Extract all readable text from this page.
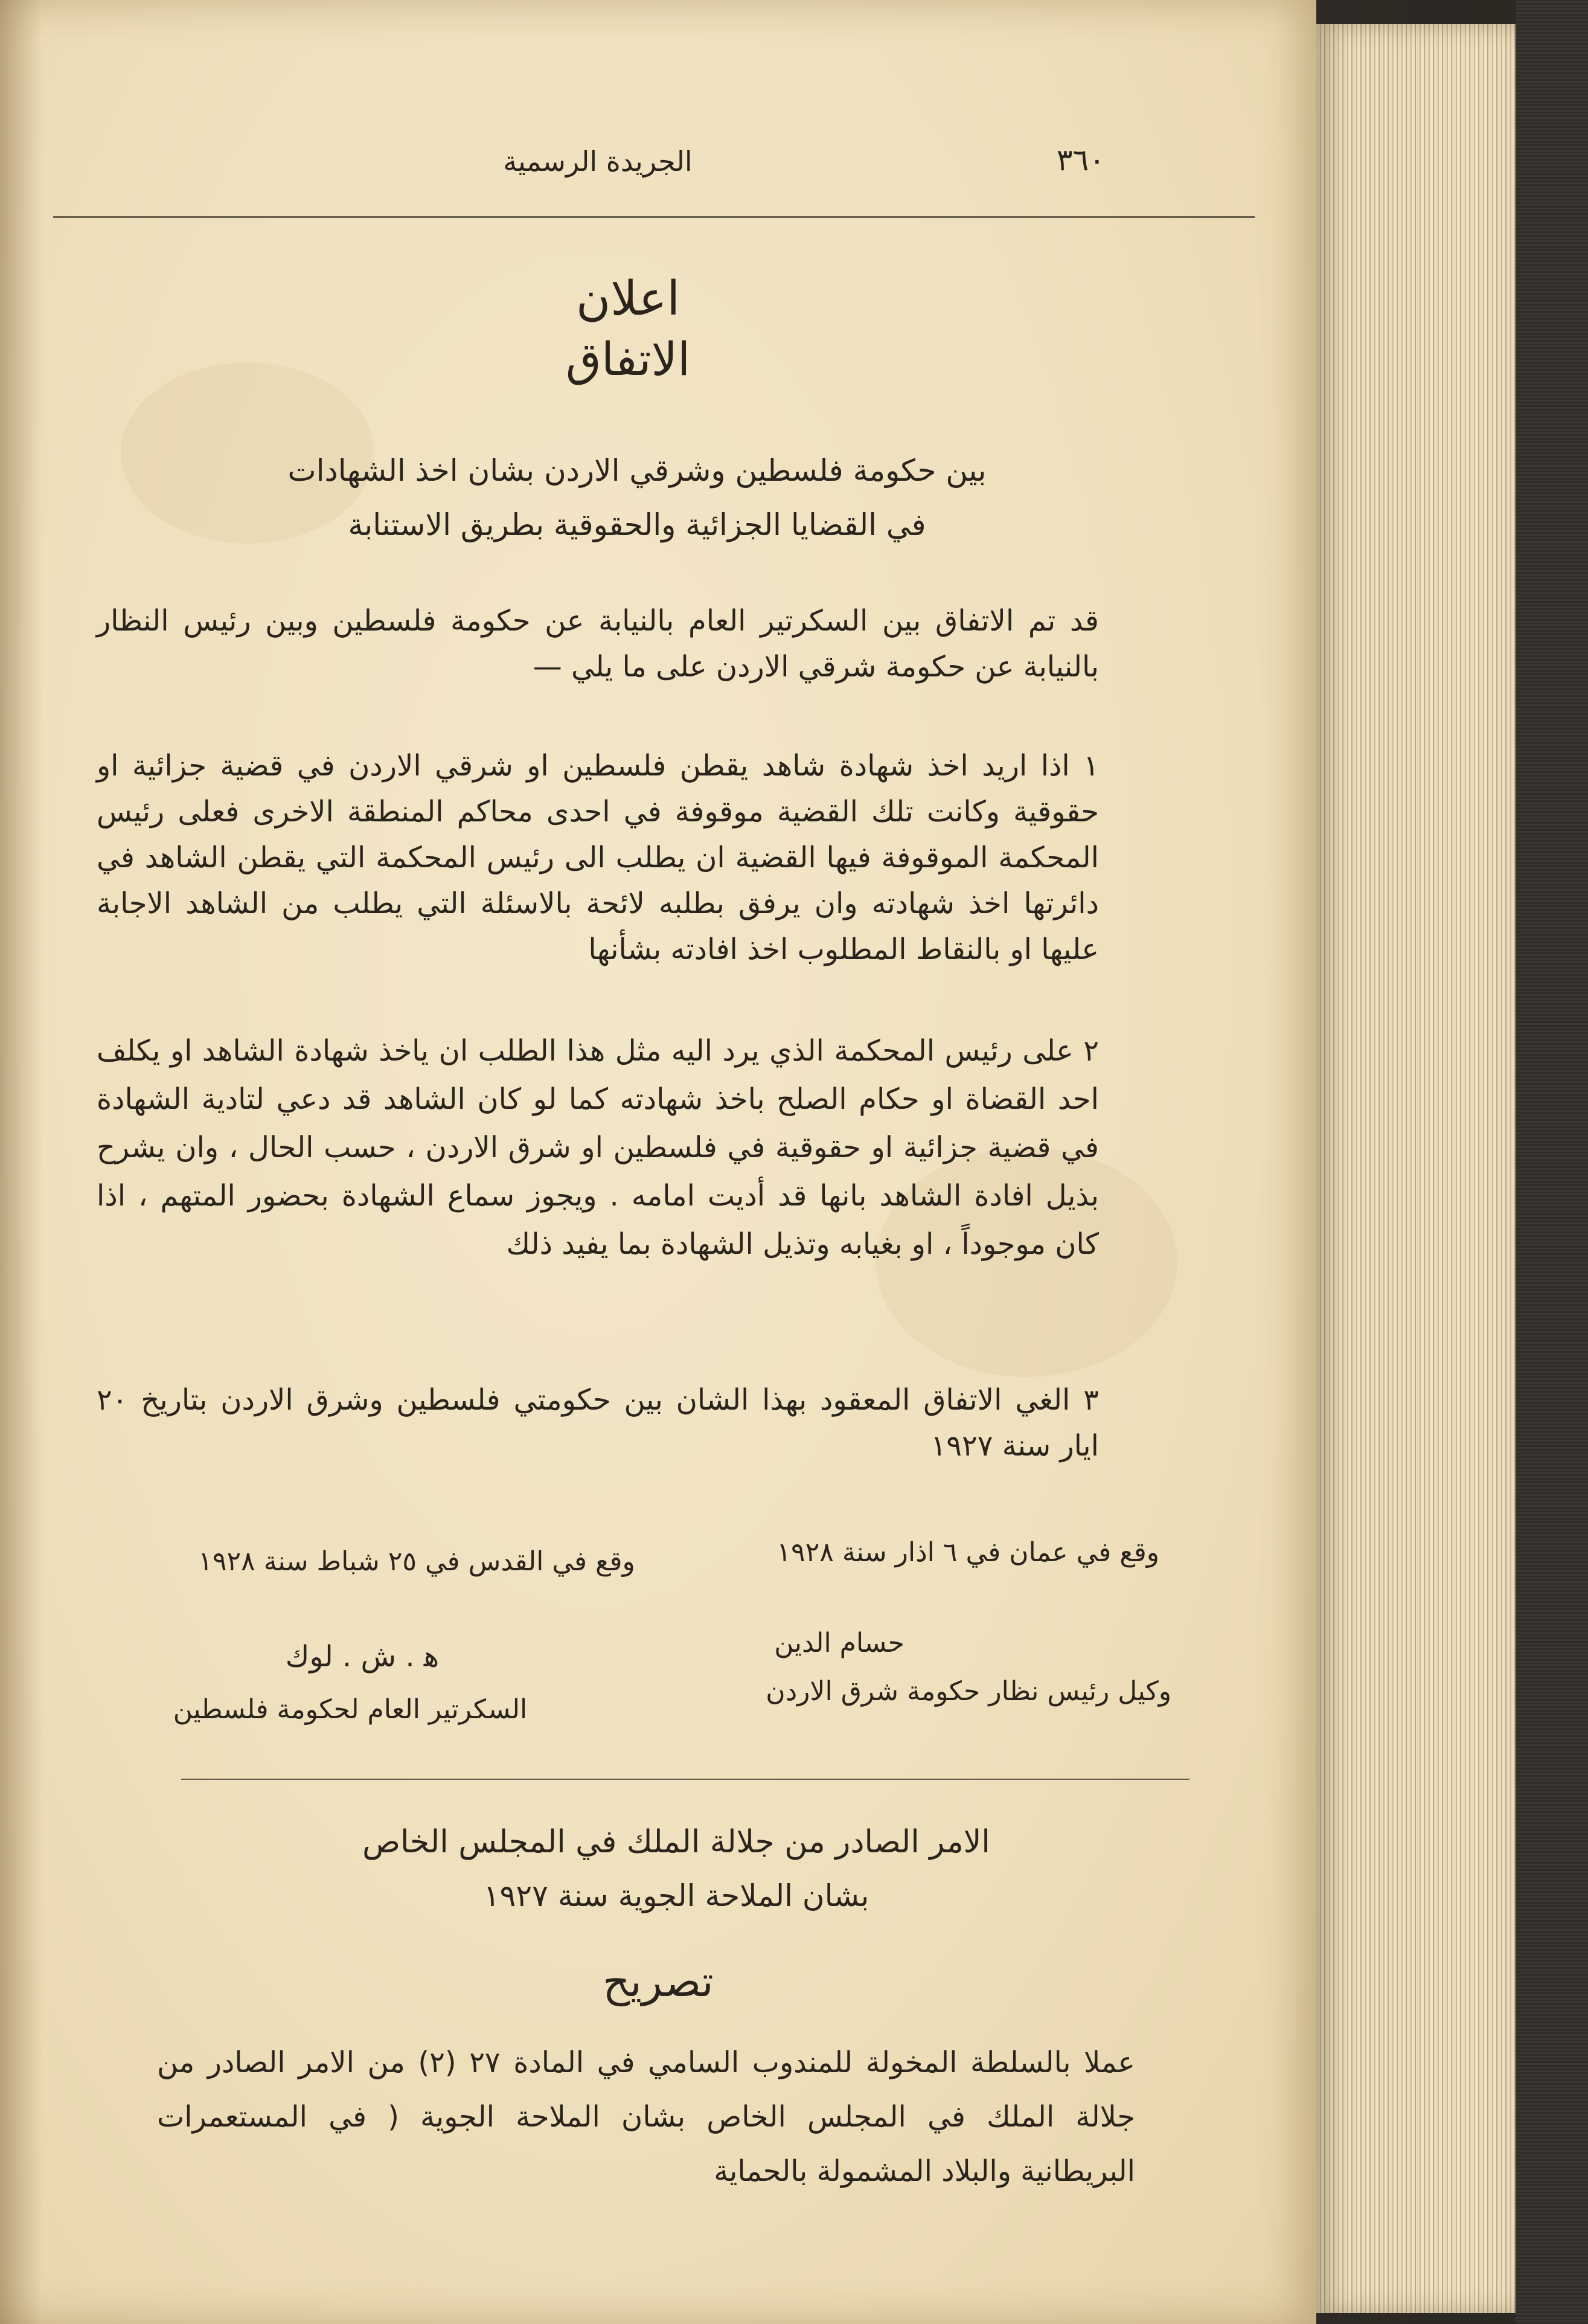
الجريدة الرسمية	٣٦٠

اعلان

الاتفاق

بين حكومة فلسطين وشرقي الاردن بشان اخذ الشهادات

في القضايا الجزائية والحقوقية بطريق الاستنابة

قد تم الاتفاق بين السكرتير العام بالنيابة عن حكومة فلسطين وبين رئيس النظار بالنيابة عن حكومة شرقي الاردن على ما يلي —

١ اذا اريد اخذ شهادة شاهد يقطن فلسطين او شرقي الاردن في قضية جزائية او حقوقية وكانت تلك القضية موقوفة في احدى محاكم المنطقة الاخرى فعلى رئيس المحكمة الموقوفة فيها القضية ان يطلب الى رئيس المحكمة التي يقطن الشاهد في دائرتها اخذ شهادته وان يرفق بطلبه لائحة بالاسئلة التي يطلب من الشاهد الاجابة عليها او بالنقاط المطلوب اخذ افادته بشأنها

٢ على رئيس المحكمة الذي يرد اليه مثل هذا الطلب ان ياخذ شهادة الشاهد او يكلف احد القضاة او حكام الصلح باخذ شهادته كما لو كان الشاهد قد دعي لتادية الشهادة في قضية جزائية او حقوقية في فلسطين او شرق الاردن ، حسب الحال ، وان يشرح بذيل افادة الشاهد بانها قد أديت امامه . ويجوز سماع الشهادة بحضور المتهم ، اذا كان موجوداً ، او بغيابه وتذيل الشهادة بما يفيد ذلك

٣ الغي الاتفاق المعقود بهذا الشان بين حكومتي فلسطين وشرق الاردن بتاريخ ٢٠ ايار سنة ١٩٢٧

وقع في عمان في ٦ اذار سنة ١٩٢٨

وقع في القدس في ٢٥ شباط سنة ١٩٢٨

حسام الدين

وكيل رئيس نظار حكومة شرق الاردن

ﻫ . ش . لوك

السكرتير العام لحكومة فلسطين

الامر الصادر من جلالة الملك في المجلس الخاص

بشان الملاحة الجوية سنة ١٩٢٧

تصريح

عملا بالسلطة المخولة للمندوب السامي في المادة ٢٧ (٢) من الامر الصادر من جلالة الملك في المجلس الخاص بشان الملاحة الجوية ( في المستعمرات البريطانية والبلاد المشمولة بالحماية
